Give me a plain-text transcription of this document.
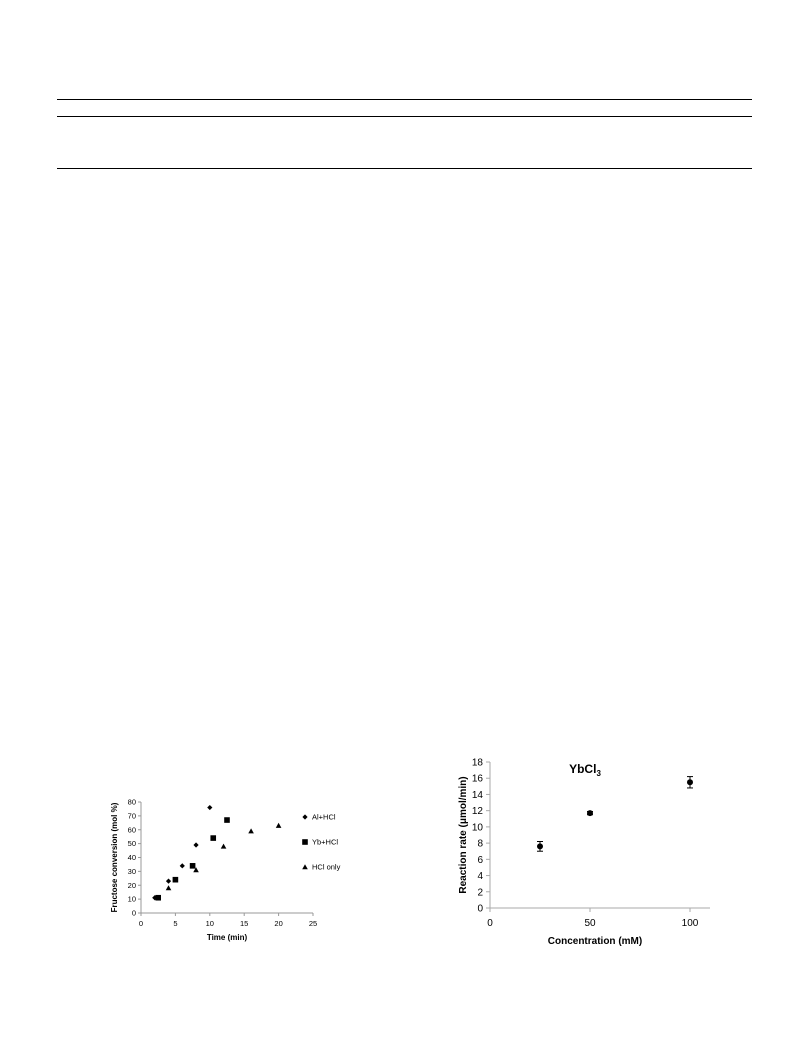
0
10
20
30
40
50
60
70
80
0	5	10	15	20	25
Al+HCl
Yb+HCl
HCl only
Time (min)
Fructose conversion (mol %)	0
2
4
6
8
10
12
14
16
18
0	50	100
YbCl$_3$
Concentration (mM)
Reaction rate (μmol/min)
